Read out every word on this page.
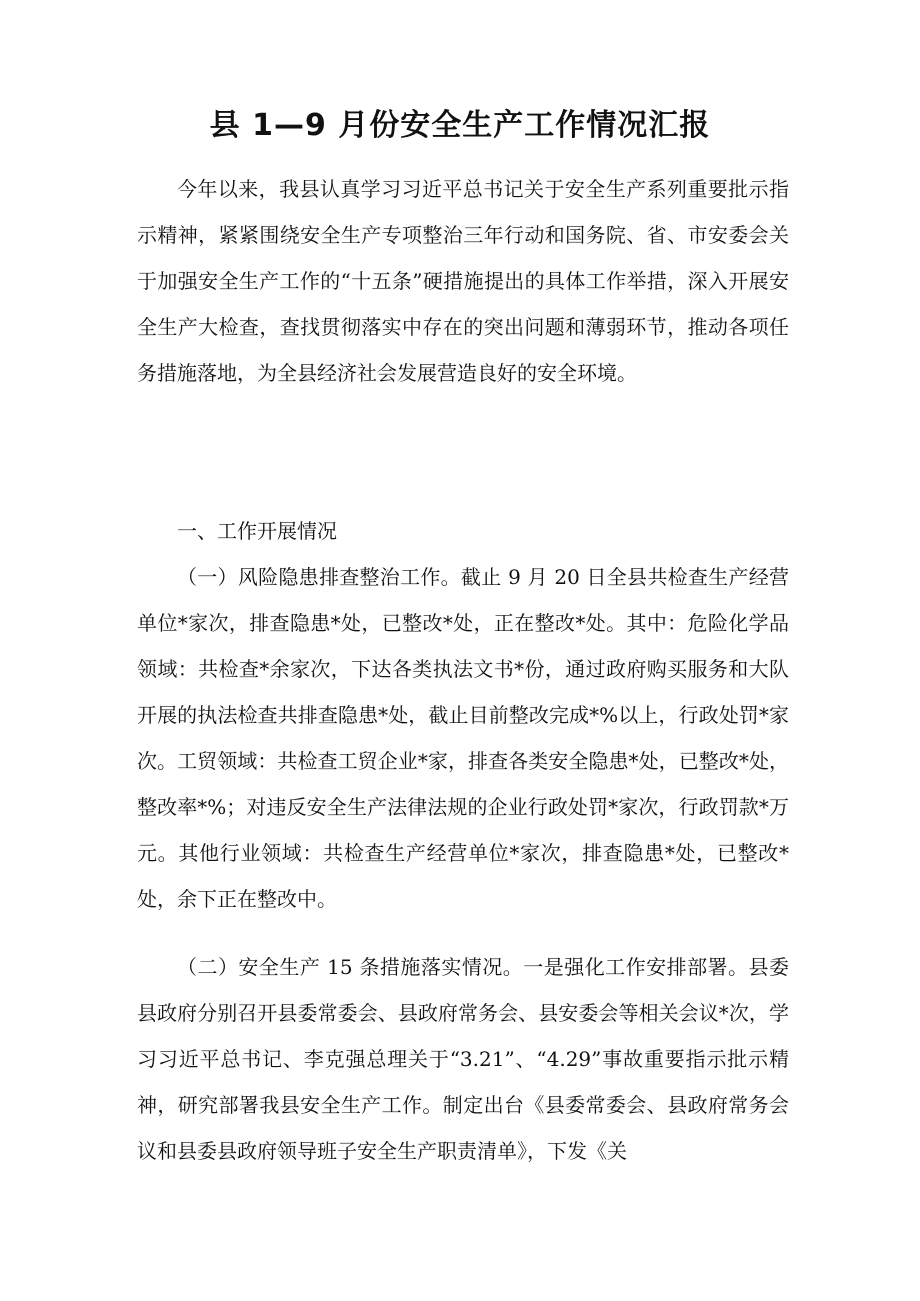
县 1—9 月份安全生产工作情况汇报

今年以来，我县认真学习习近平总书记关于安全生产系列重要批示指示精神，紧紧围绕安全生产专项整治三年行动和国务院、省、市安委会关于加强安全生产工作的“十五条”硬措施提出的具体工作举措，深入开展安全生产大检查，查找贯彻落实中存在的突出问题和薄弱环节，推动各项任务措施落地，为全县经济社会发展营造良好的安全环境。

一、工作开展情况

（一）风险隐患排查整治工作。截止 9 月 20 日全县共检查生产经营单位*家次，排查隐患*处，已整改*处，正在整改*处。其中：危险化学品领域：共检查*余家次，下达各类执法文书*份，通过政府购买服务和大队开展的执法检查共排查隐患*处，截止目前整改完成*%以上，行政处罚*家次。工贸领域：共检查工贸企业*家，排查各类安全隐患*处，已整改*处，整改率*%；对违反安全生产法律法规的企业行政处罚*家次，行政罚款*万元。其他行业领域：共检查生产经营单位*家次，排查隐患*处，已整改*处，余下正在整改中。

（二）安全生产 15 条措施落实情况。一是强化工作安排部署。县委县政府分别召开县委常委会、县政府常务会、县安委会等相关会议*次，学习习近平总书记、李克强总理关于“3.21”、“4.29”事故重要指示批示精神，研究部署我县安全生产工作。制定出台《县委常委会、县政府常务会议和县委县政府领导班子安全生产职责清单》，下发《关
